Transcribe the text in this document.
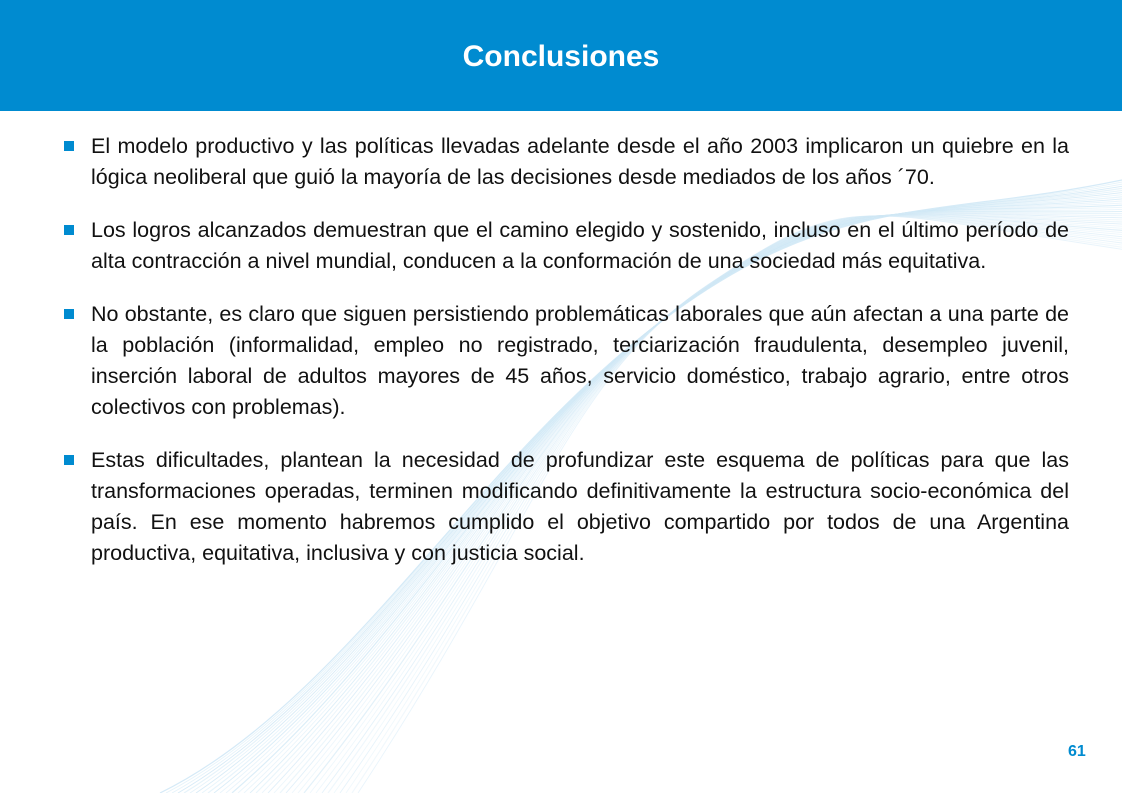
Conclusiones

El modelo productivo y las políticas llevadas adelante desde el año 2003 implicaron un quiebre en la lógica neoliberal que guió la mayoría de las decisiones desde mediados de los años ´70.

Los logros alcanzados demuestran que el camino elegido y sostenido, incluso en el último período de alta contracción a nivel mundial, conducen a la conformación de una sociedad más equitativa.

No obstante, es claro que siguen persistiendo problemáticas laborales que aún afectan a una parte de la población (informalidad, empleo no registrado, terciarización fraudulenta, desempleo juvenil, inserción laboral de adultos mayores de 45 años, servicio doméstico, trabajo agrario, entre otros colectivos con problemas).

Estas dificultades, plantean la necesidad de profundizar este esquema de políticas para que las transformaciones operadas, terminen modificando definitivamente la estructura socio-económica del país. En ese momento habremos cumplido el objetivo compartido por todos de una Argentina productiva, equitativa, inclusiva y con justicia social.

61
